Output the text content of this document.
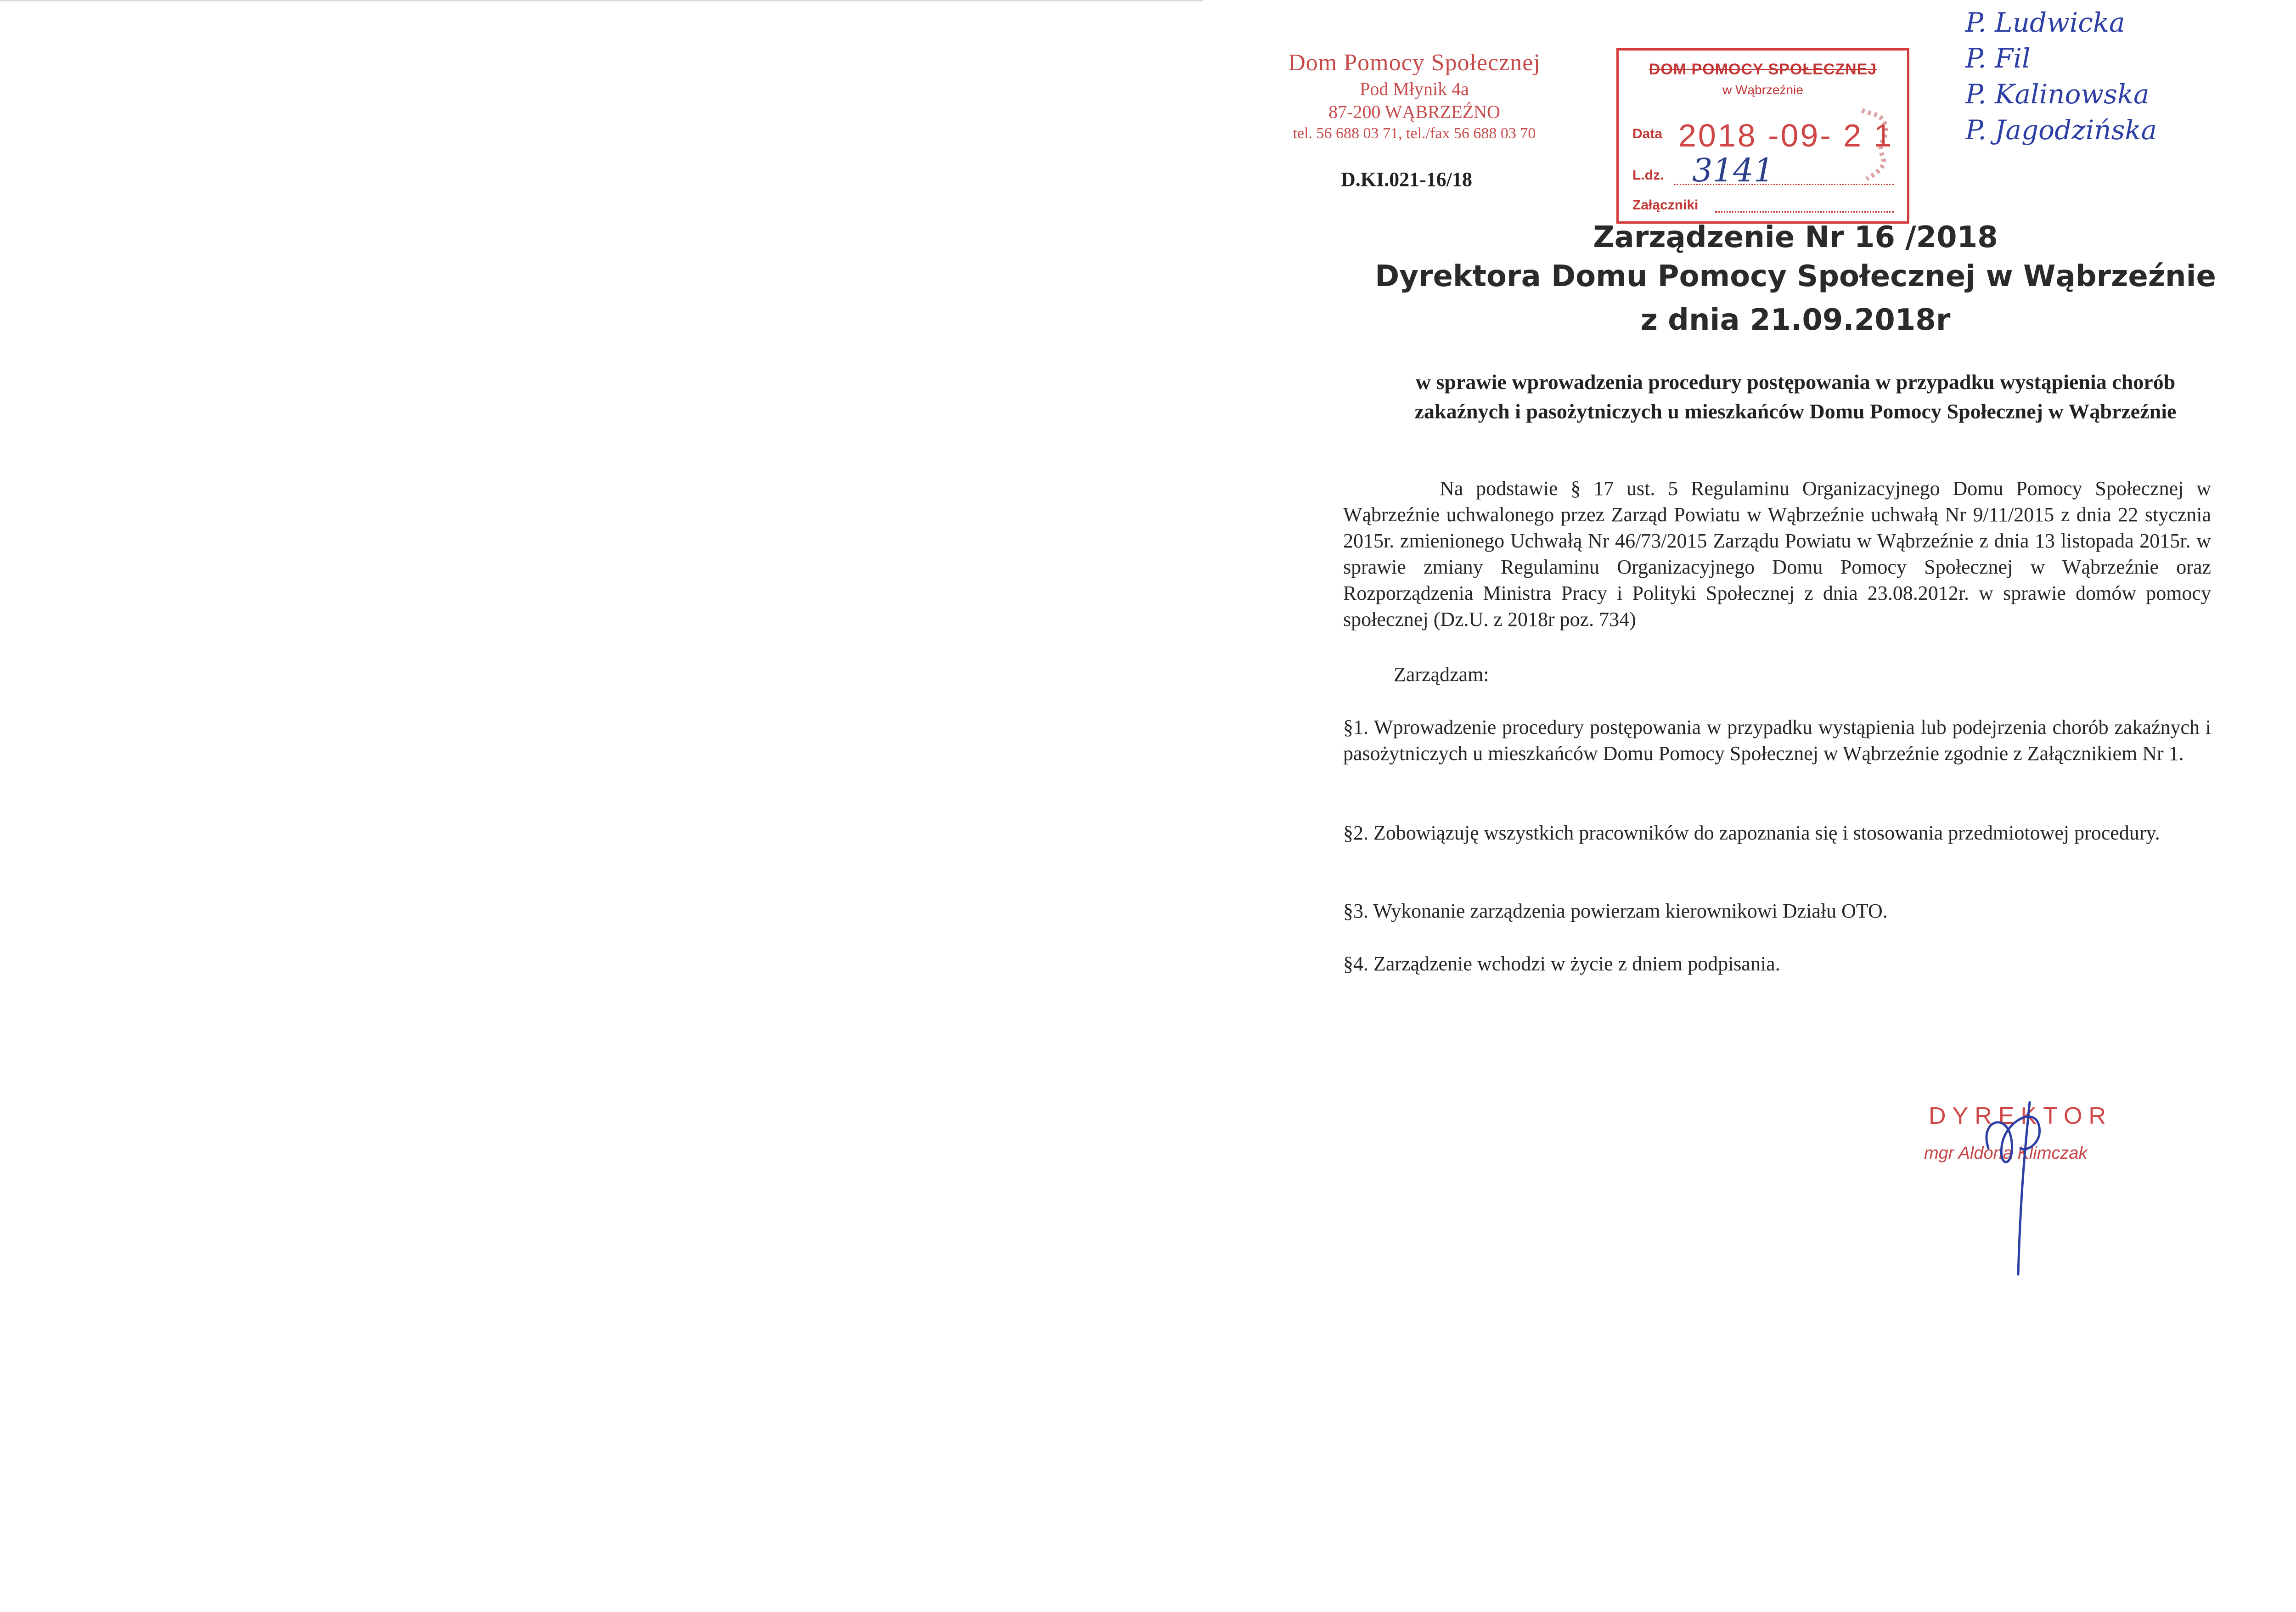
Dom Pomocy Społecznej
Pod Młynik 4a
87-200 WĄBRZEŹNO
tel. 56 688 03 71, tel./fax 56 688 03 70
D.KI.021-16/18
DOM POMOCY SPOŁECZNEJ
w Wąbrzeźnie
Data 2018 -09- 2 1
L.dz. 3141
Załączniki
P. Ludwicka
P. Fil
P. Kalinowska
P. Jagodzińska
Zarządzenie Nr 16 /2018
Dyrektora Domu Pomocy Społecznej w Wąbrzeźnie
z dnia 21.09.2018r
w sprawie wprowadzenia procedury postępowania w przypadku wystąpienia chorób
zakaźnych i pasożytniczych u mieszkańców Domu Pomocy Społecznej w Wąbrzeźnie
Na podstawie § 17 ust. 5 Regulaminu Organizacyjnego Domu Pomocy Społecznej w Wąbrzeźnie uchwalonego przez Zarząd Powiatu w Wąbrzeźnie uchwałą Nr 9/11/2015 z dnia 22 stycznia 2015r. zmienionego Uchwałą Nr 46/73/2015 Zarządu Powiatu w Wąbrzeźnie z dnia 13 listopada 2015r. w sprawie zmiany Regulaminu Organizacyjnego Domu Pomocy Społecznej w Wąbrzeźnie oraz Rozporządzenia Ministra Pracy i Polityki Społecznej z dnia 23.08.2012r. w sprawie domów pomocy społecznej (Dz.U. z 2018r poz. 734)
Zarządzam:
§1. Wprowadzenie procedury postępowania w przypadku wystąpienia lub podejrzenia chorób zakaźnych i pasożytniczych u mieszkańców Domu Pomocy Społecznej w Wąbrzeźnie zgodnie z Załącznikiem Nr 1.
§2. Zobowiązuję wszystkich pracowników do zapoznania się i stosowania przedmiotowej procedury.
§3. Wykonanie zarządzenia powierzam kierownikowi Działu OTO.
§4. Zarządzenie wchodzi w życie z dniem podpisania.
DYREKTOR
mgr Aldona Klimczak
